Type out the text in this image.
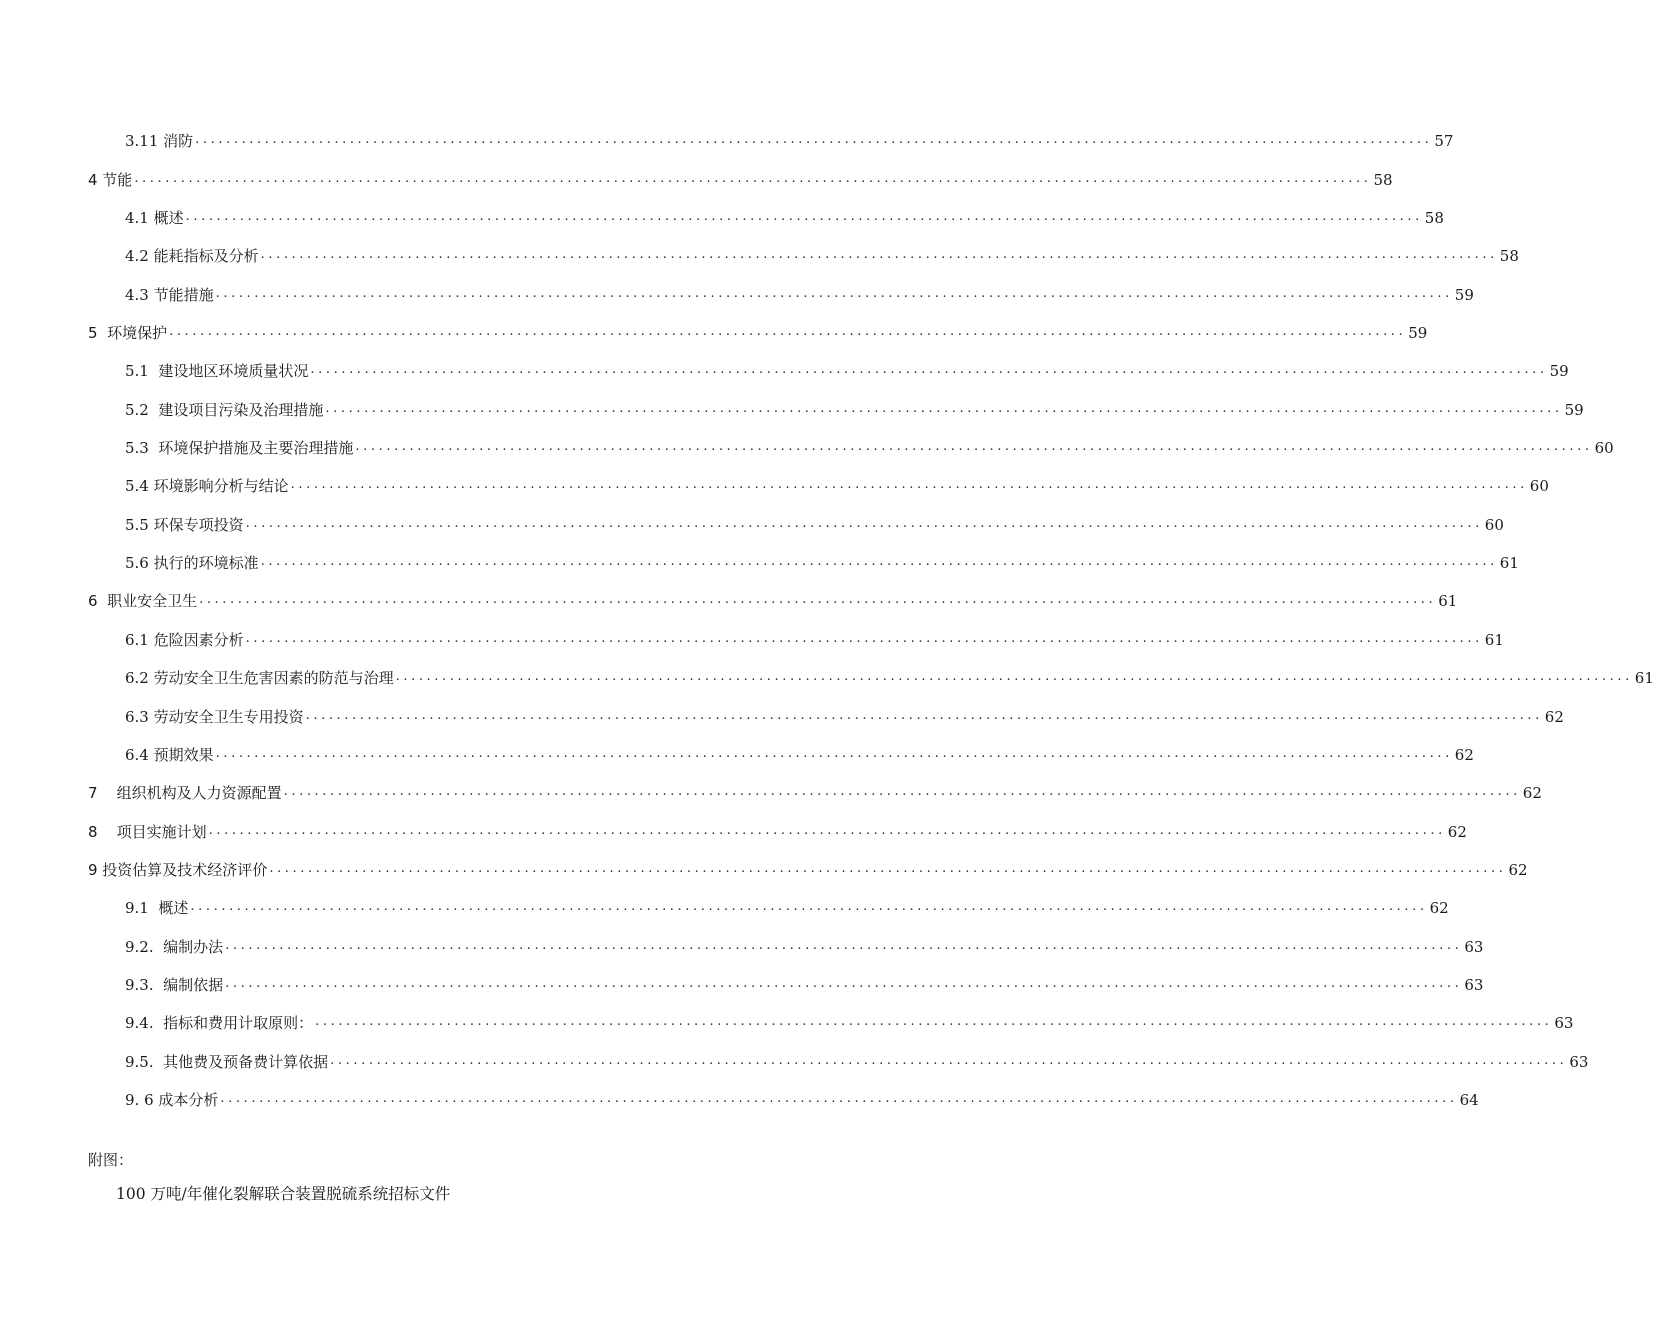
3.11 消防 ................................................................................................................................................................ 57
4 节能 ................................................................................................................................................................ 58
4.1 概述 ................................................................................................................................................................ 58
4.2 能耗指标及分析 ................................................................................................................................................................ 58
4.3 节能措施 ................................................................................................................................................................ 59
5  环境保护 ................................................................................................................................................................ 59
5.1  建设地区环境质量状况 ................................................................................................................................................................ 59
5.2  建设项目污染及治理措施 ................................................................................................................................................................ 59
5.3  环境保护措施及主要治理措施 ................................................................................................................................................................ 60
5.4 环境影响分析与结论 ................................................................................................................................................................ 60
5.5 环保专项投资 ................................................................................................................................................................ 60
5.6 执行的环境标准 ................................................................................................................................................................ 61
6  职业安全卫生 ................................................................................................................................................................ 61
6.1 危险因素分析 ................................................................................................................................................................ 61
6.2 劳动安全卫生危害因素的防范与治理 ................................................................................................................................................................ 61
6.3 劳动安全卫生专用投资 ................................................................................................................................................................ 62
6.4 预期效果 ................................................................................................................................................................ 62
7    组织机构及人力资源配置 ................................................................................................................................................................ 62
8    项目实施计划 ................................................................................................................................................................ 62
9 投资估算及技术经济评价 ................................................................................................................................................................ 62
9.1  概述 ................................................................................................................................................................ 62
9.2.  编制办法 ................................................................................................................................................................ 63
9.3.  编制依据 ................................................................................................................................................................ 63
9.4.  指标和费用计取原则： ................................................................................................................................................................ 63
9.5.  其他费及预备费计算依据 ................................................................................................................................................................ 63
9. 6 成本分析 ................................................................................................................................................................ 64
附图：
100 万吨/年催化裂解联合装置脱硫系统招标文件
